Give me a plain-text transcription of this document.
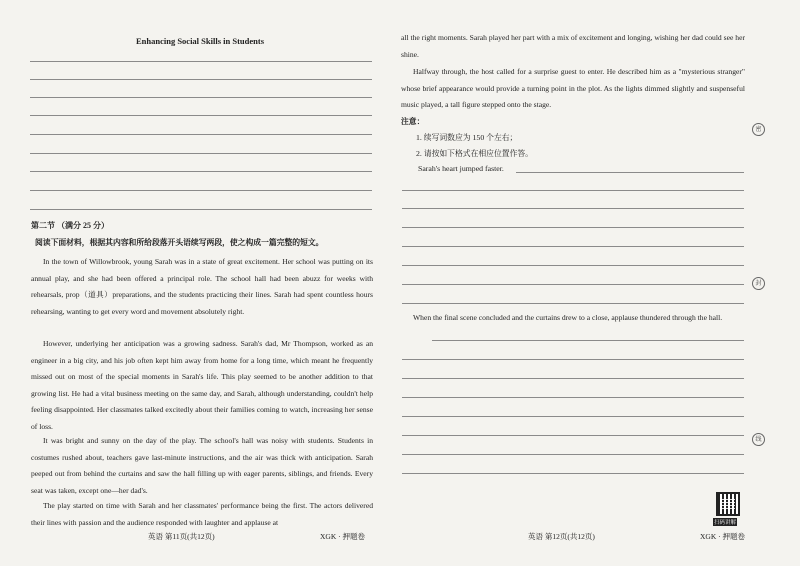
Enhancing Social Skills in Students
第二节 （满分 25 分）
阅读下面材料，根据其内容和所给段落开头语续写两段，使之构成一篇完整的短文。

In the town of Willowbrook, young Sarah was in a state of great excitement. Her school was putting on its annual play, and she had been offered a principal role. The school hall had been abuzz for weeks with rehearsals, prop（道具）preparations, and the students practicing their lines. Sarah had spent countless hours rehearsing, wanting to get every word and movement absolutely right.

However, underlying her anticipation was a growing sadness. Sarah's dad, Mr Thompson, worked as an engineer in a big city, and his job often kept him away from home for a long time, which meant he frequently missed out on most of the special moments in Sarah's life. This play seemed to be another addition to that growing list. He had a vital business meeting on the same day, and Sarah, although understanding, couldn't help feeling disappointed. Her classmates talked excitedly about their families coming to watch, increasing her sense of loss.

It was bright and sunny on the day of the play. The school's hall was noisy with students. Students in costumes rushed about, teachers gave last-minute instructions, and the air was thick with anticipation. Sarah peeped out from behind the curtains and saw the hall filling up with eager parents, siblings, and friends. Every seat was taken, except one—her dad's.

The play started on time with Sarah and her classmates' performance being the first. The actors delivered their lines with passion and the audience responded with laughter and applause at

英语 第11页(共12页)	XGK · 押题卷

all the right moments. Sarah played her part with a mix of excitement and longing, wishing her dad could see her shine.

Halfway through, the host called for a surprise guest to enter. He described him as a "mysterious stranger" whose brief appearance would provide a turning point in the plot. As the lights dimmed slightly and suspenseful music played, a tall figure stepped onto the stage.

注意：
1. 续写词数应为 150 个左右；
2. 请按如下格式在相应位置作答。
Sarah's heart jumped faster.

When the final scene concluded and the curtains drew to a close, applause thundered through the hall.

英语 第12页(共12页)	XGK · 押题卷
扫码讲解
密
封
线
